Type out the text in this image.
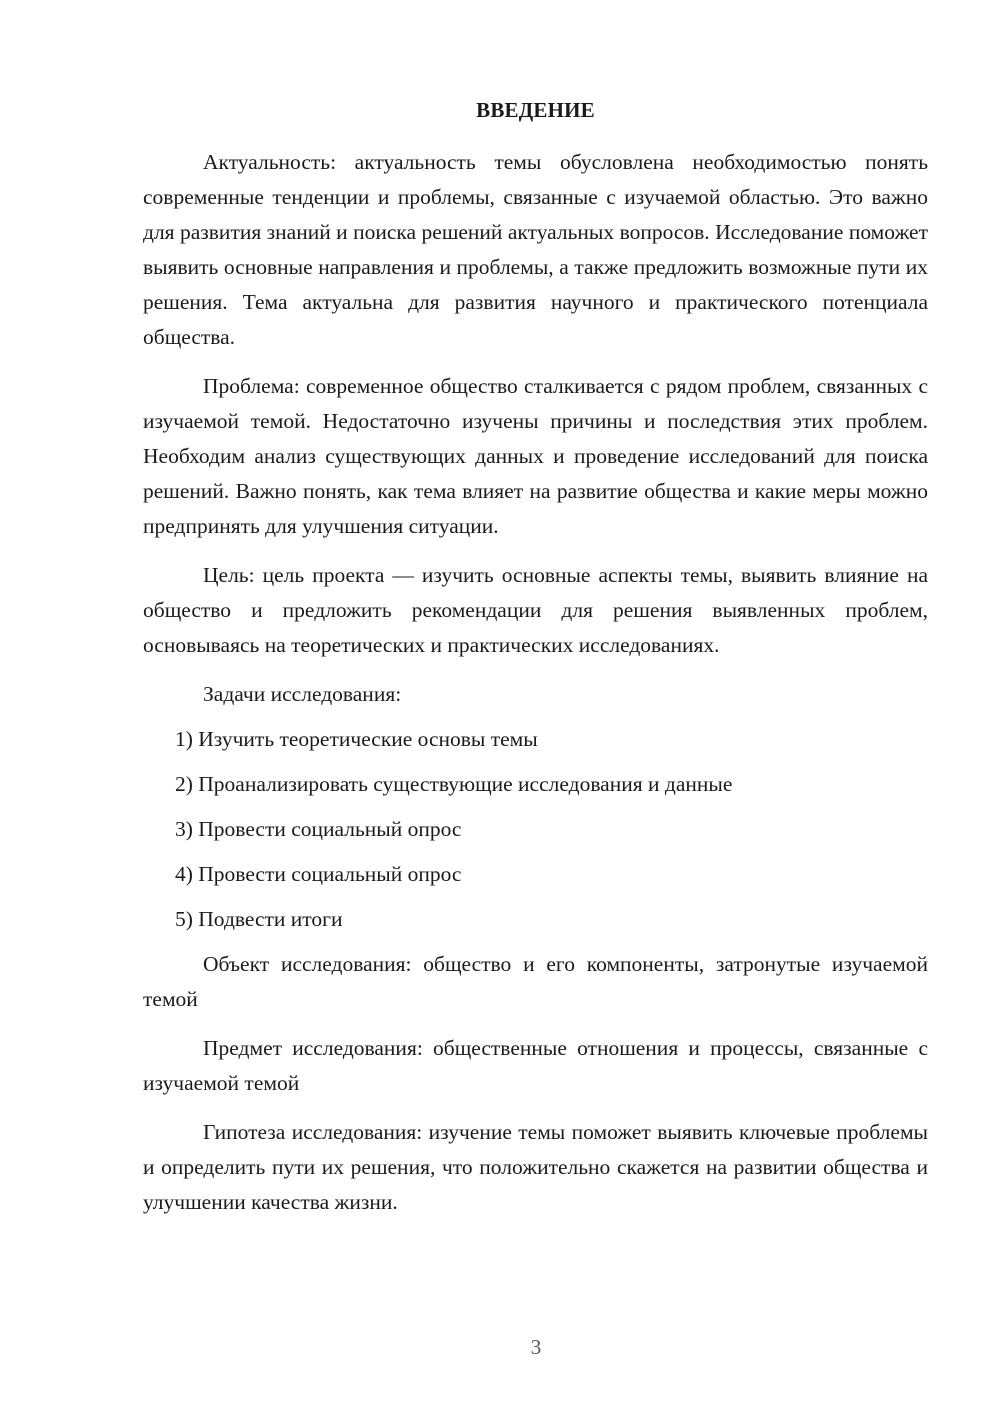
ВВЕДЕНИЕ

Актуальность: актуальность темы обусловлена необходимостью понять современные тенденции и проблемы, связанные с изучаемой областью. Это важно для развития знаний и поиска решений актуальных вопросов. Исследование поможет выявить основные направления и проблемы, а также предложить возможные пути их решения. Тема актуальна для развития научного и практического потенциала общества.

Проблема: современное общество сталкивается с рядом проблем, связанных с изучаемой темой. Недостаточно изучены причины и последствия этих проблем. Необходим анализ существующих данных и проведение исследований для поиска решений. Важно понять, как тема влияет на развитие общества и какие меры можно предпринять для улучшения ситуации.

Цель: цель проекта — изучить основные аспекты темы, выявить влияние на общество и предложить рекомендации для решения выявленных проблем, основываясь на теоретических и практических исследованиях.

Задачи исследования:
1) Изучить теоретические основы темы
2) Проанализировать существующие исследования и данные
3) Провести социальный опрос
4) Провести социальный опрос
5) Подвести итоги

Объект исследования: общество и его компоненты, затронутые изучаемой темой

Предмет исследования: общественные отношения и процессы, связанные с изучаемой темой

Гипотеза исследования: изучение темы поможет выявить ключевые проблемы и определить пути их решения, что положительно скажется на развитии общества и улучшении качества жизни.

3
